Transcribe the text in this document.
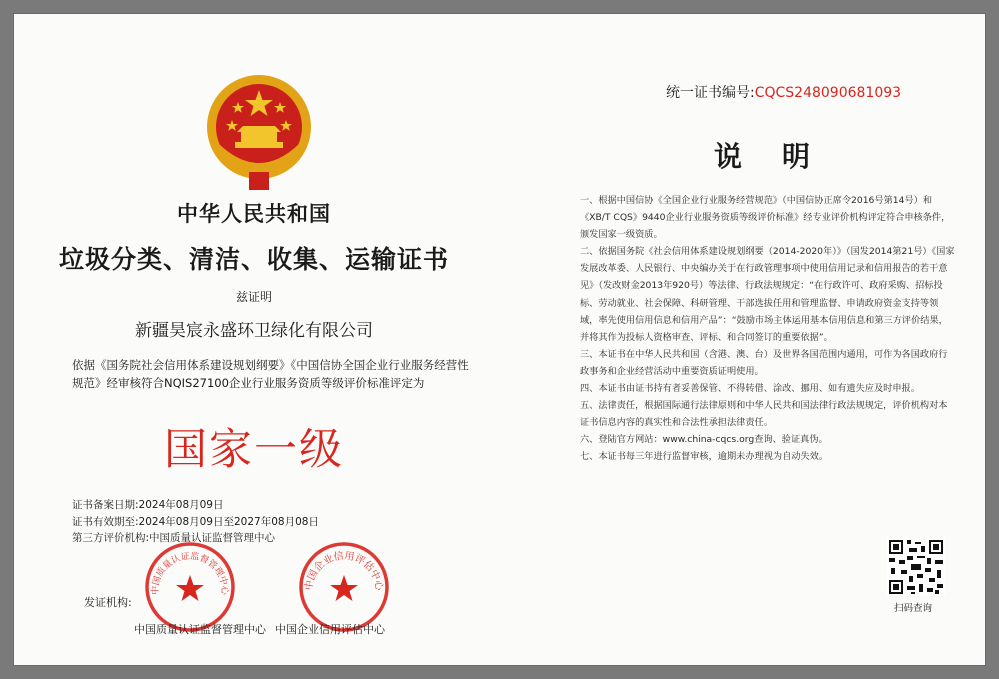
中华人民共和国
垃圾分类、清洁、收集、运输证书
兹证明
新疆昊宸永盛环卫绿化有限公司
依据《国务院社会信用体系建设规划纲要》《中国信协全国企业行业服务经营性规范》经审核符合NQIS27100企业行业服务资质等级评价标准评定为
国家一级
证书备案日期:2024年08月09日
证书有效期至:2024年08月09日至2027年08月08日
第三方评价机构:中国质量认证监督管理中心
发证机构:
中国质量认证监督管理中心	中国企业信用评估中心
中国质量认证监督管理中心 中国企业信用评估中心
统一证书编号:CQCS248090681093
说明

一、根据中国信协《全国企业行业服务经营规范》（中国信协正席令2016号第14号）和《XB/T CQS》9440企业行业服务资质等级评价标准》经专业评价机构评定符合申核条件，颁发国家一级资质。

二、依据国务院《社会信用体系建设规划纲要（2014-2020年）》（国发2014第21号）《国家发展改革委、人民银行、中央编办关于在行政管理事项中使用信用记录和信用报告的若干意见》（发改财金2013年920号）等法律、行政法规规定：“在行政许可、政府采购、招标投标、劳动就业、社会保障、科研管理、干部选拔任用和管理监督、申请政府资金支持等领域，率先使用信用信息和信用产品”：“鼓励市场主体运用基本信用信息和第三方评价结果，并将其作为投标人资格审查、评标、和合同签订的重要依据”。

三、本证书在中华人民共和国（含港、澳、台）及世界各国范围内通用，可作为各国政府行政事务和企业经营活动中重要资质证明使用。

四、本证书由证书持有者妥善保管、不得转借、涂改、挪用、如有遗失应及时申报。

五、法律责任，根据国际通行法律原则和中华人民共和国法律行政法规规定，评价机构对本证书信息内容的真实性和合法性承担法律责任。

六、登陆官方网站：www.china-cqcs.org查询、验证真伪。

七、本证书每三年进行监督审核，逾期未办理视为自动失效。

扫码查询
